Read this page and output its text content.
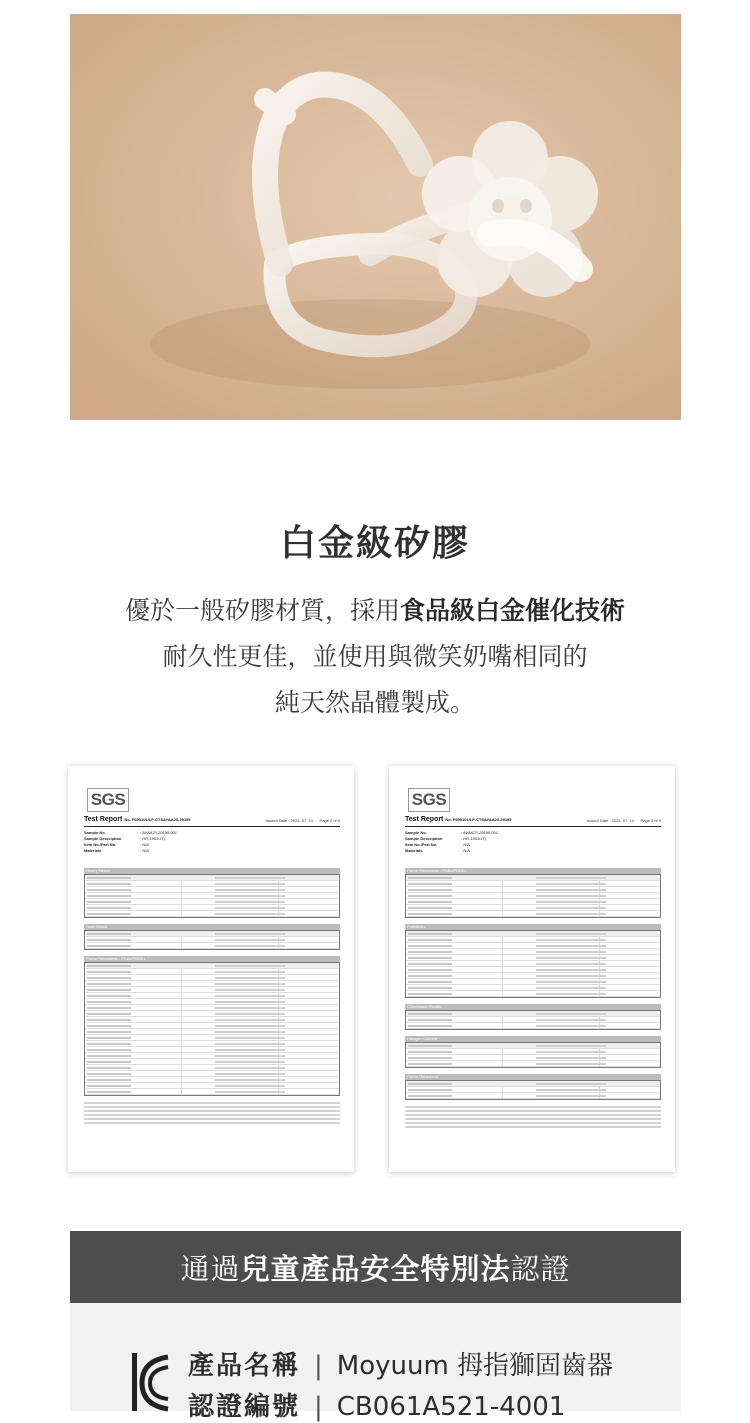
白金級矽膠
優於一般矽膠材質，採用食品級白金催化技術
耐久性更佳，並使用與微笑奶嘴相同的
純天然晶體製成。
SGS
Test Report No. F690101/LF-CTSAYAA23-29195	Issued Date : 2023. 07. 14 Page 2 of 9
Sample No.	: AYAA23-29195.001
Sample Description	: HR-1951UT)
Item No./Part No.	: N/A
Materials	: N/A
Heavy Metals
Total Metals
Flame Retardants - PBBs/PBDEs
SGS
Test Report No. F690101/LF-CTSAYAA23-29195	Issued Date : 2023. 07. 14 Page 3 of 9
Sample No.	: AYAA23-29195.001
Sample Description	: HR-1951UT)
Item No./Part No.	: N/A
Materials	: N/A
Flame Retardants - PBBs/PBDEs
Phthalates
Chlorinated Paraffin
Halogen Content
Flame Retardants
通過 兒童產品安全特別法 認證
產品名稱 | Moyuum 拇指獅固齒器
認證編號 | CB061A521-4001
